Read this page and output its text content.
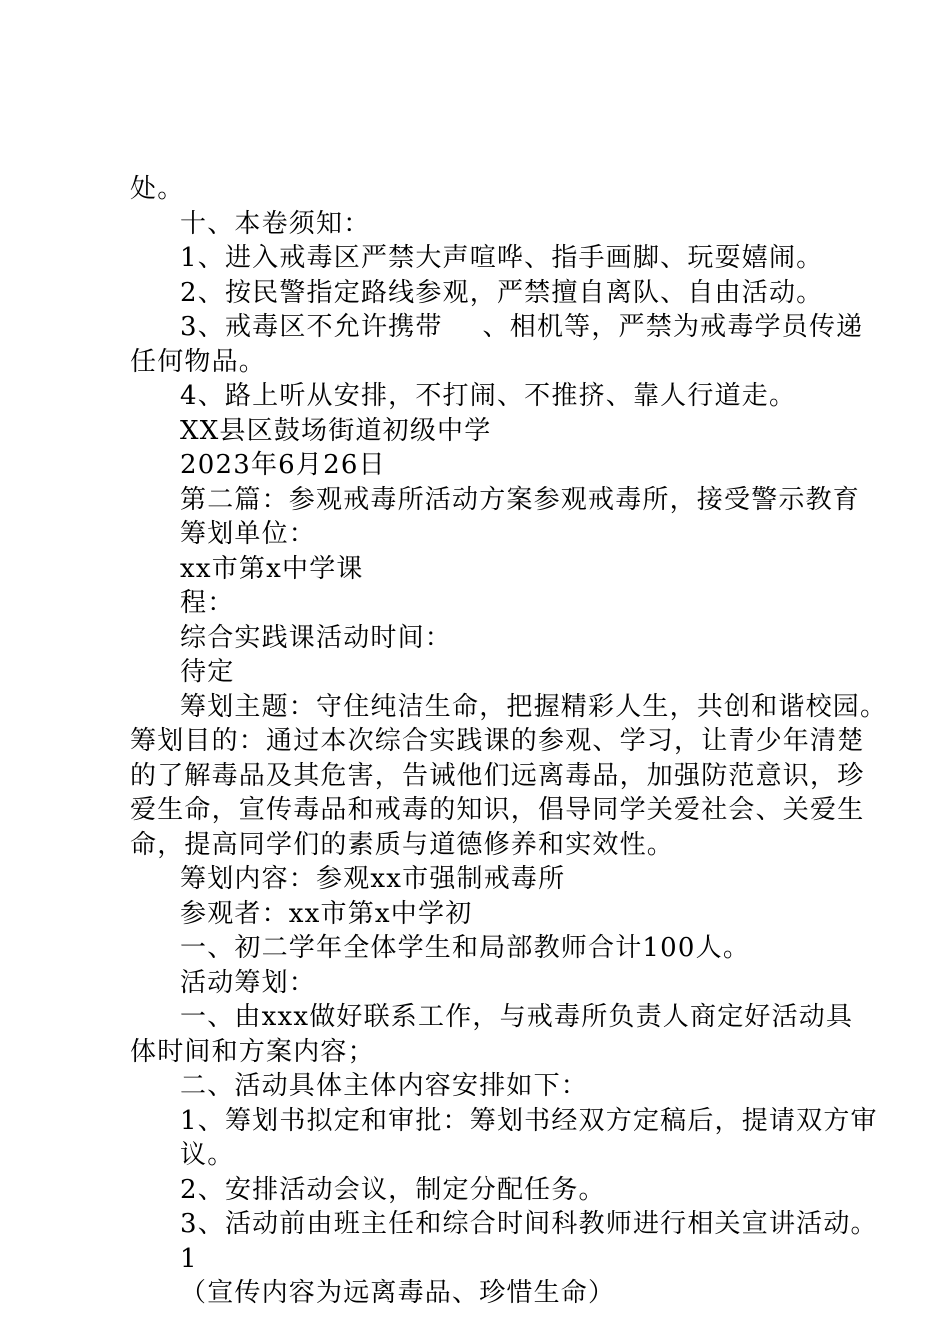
处。
十、本卷须知：
1、进入戒毒区严禁大声喧哗、指手画脚、玩耍嬉闹。
2、按民警指定路线参观，严禁擅自离队、自由活动。
3、戒毒区不允许携带 、相机等，严禁为戒毒学员传递
任何物品。
4、路上听从安排，不打闹、不推挤、靠人行道走。
XX县区鼓场街道初级中学
2023年6月26日
第二篇：参观戒毒所活动方案参观戒毒所，接受警示教育
筹划单位：
xx市第x中学课
程：
综合实践课活动时间：
待定
筹划主题：守住纯洁生命，把握精彩人生，共创和谐校园。
筹划目的：通过本次综合实践课的参观、学习，让青少年清楚
的了解毒品及其危害，告诫他们远离毒品，加强防范意识，珍
爱生命，宣传毒品和戒毒的知识，倡导同学关爱社会、关爱生
命，提高同学们的素质与道德修养和实效性。
筹划内容：参观xx市强制戒毒所
参观者：xx市第x中学初
一、初二学年全体学生和局部教师合计100人。
活动筹划：
一、由xxx做好联系工作，与戒毒所负责人商定好活动具
体时间和方案内容；
二、活动具体主体内容安排如下：
1、筹划书拟定和审批：筹划书经双方定稿后，提请双方审
议。
2、安排活动会议，制定分配任务。
3、活动前由班主任和综合时间科教师进行相关宣讲活动。
1
（宣传内容为远离毒品、珍惜生命）
